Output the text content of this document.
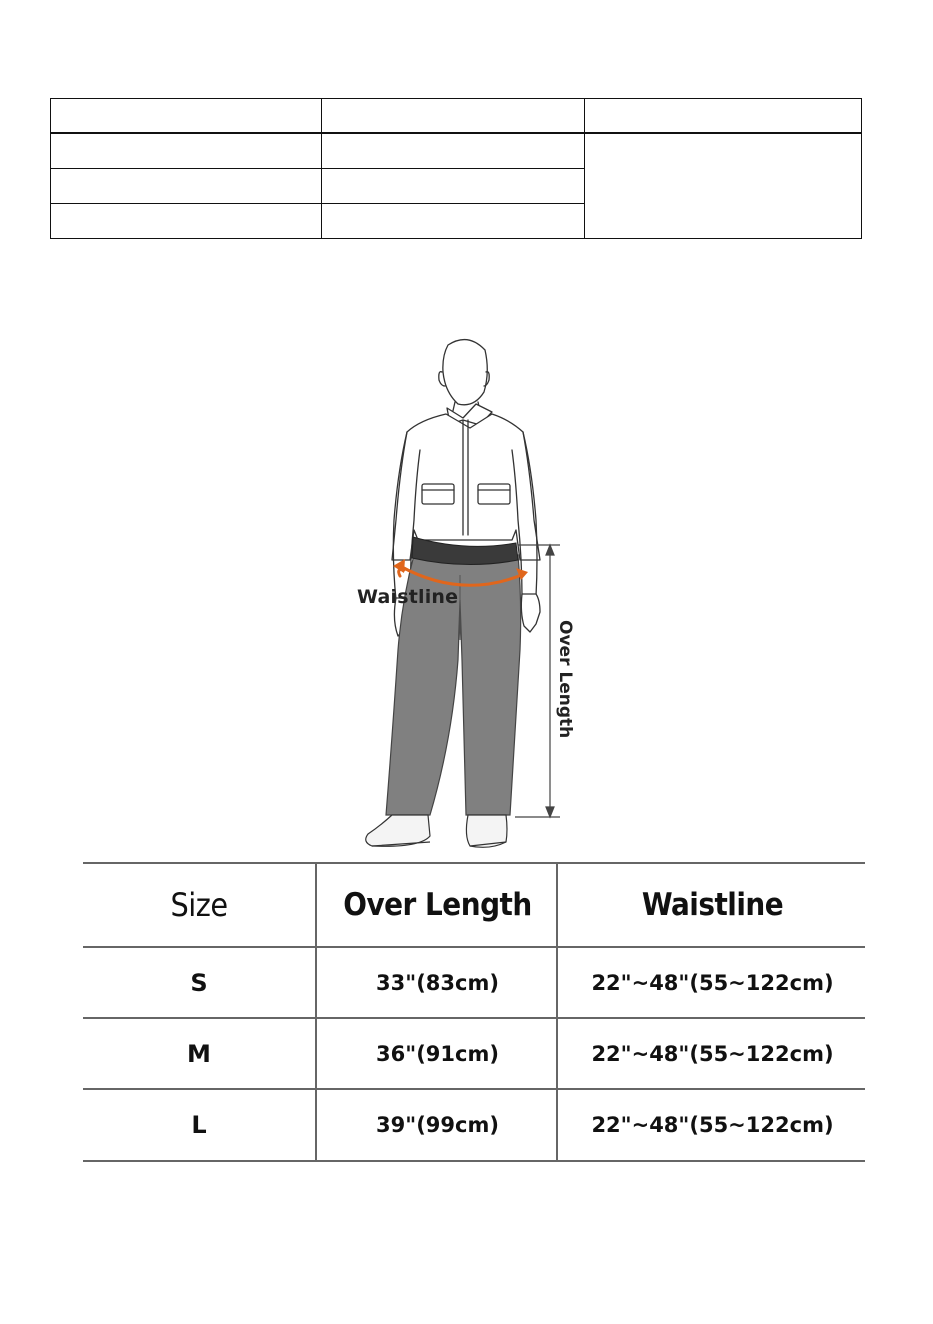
Waistline

Over Length

Size	Over Length	Waistline
S	33"(83cm)	22"~48"(55~122cm)
M	36"(91cm)	22"~48"(55~122cm)
L	39"(99cm)	22"~48"(55~122cm)
